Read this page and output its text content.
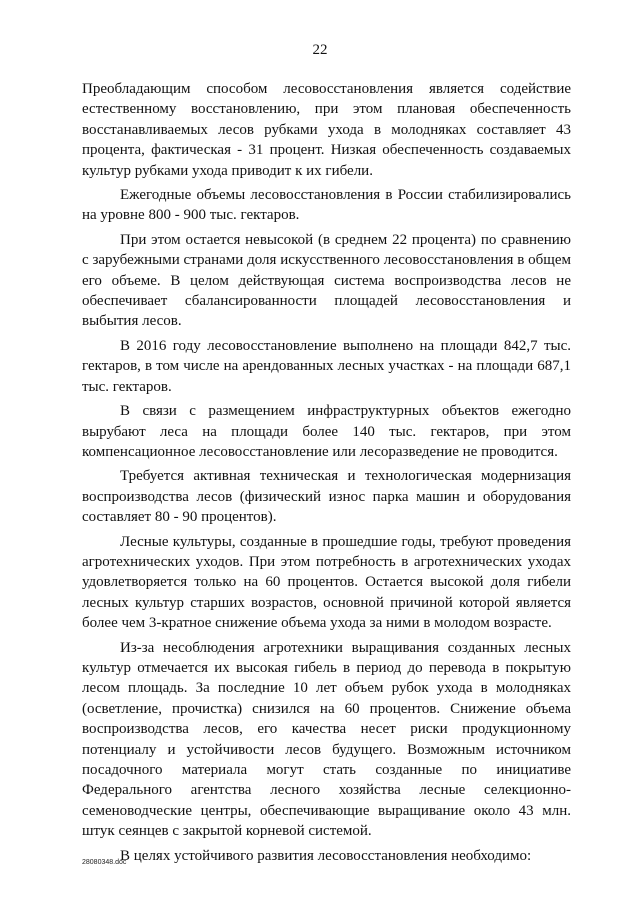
22

Преобладающим способом лесовосстановления является содействие естественному восстановлению, при этом плановая обеспеченность восстанавливаемых лесов рубками ухода в молодняках составляет 43 процента, фактическая - 31 процент. Низкая обеспеченность создаваемых культур рубками ухода приводит к их гибели.

Ежегодные объемы лесовосстановления в России стабилизировались на уровне 800 - 900 тыс. гектаров.

При этом остается невысокой (в среднем 22 процента) по сравнению с зарубежными странами доля искусственного лесовосстановления в общем его объеме. В целом действующая система воспроизводства лесов не обеспечивает сбалансированности площадей лесовосстановления и выбытия лесов.

В 2016 году лесовосстановление выполнено на площади 842,7 тыс. гектаров, в том числе на арендованных лесных участках - на площади 687,1 тыс. гектаров.

В связи с размещением инфраструктурных объектов ежегодно вырубают леса на площади более 140 тыс. гектаров, при этом компенсационное лесовосстановление или лесоразведение не проводится.

Требуется активная техническая и технологическая модернизация воспроизводства лесов (физический износ парка машин и оборудования составляет 80 - 90 процентов).

Лесные культуры, созданные в прошедшие годы, требуют проведения агротехнических уходов. При этом потребность в агротехнических уходах удовлетворяется только на 60 процентов. Остается высокой доля гибели лесных культур старших возрастов, основной причиной которой является более чем 3-кратное снижение объема ухода за ними в молодом возрасте.

Из-за несоблюдения агротехники выращивания созданных лесных культур отмечается их высокая гибель в период до перевода в покрытую лесом площадь. За последние 10 лет объем рубок ухода в молодняках (осветление, прочистка) снизился на 60 процентов. Снижение объема воспроизводства лесов, его качества несет риски продукционному потенциалу и устойчивости лесов будущего. Возможным источником посадочного материала могут стать созданные по инициативе Федерального агентства лесного хозяйства лесные селекционно-семеноводческие центры, обеспечивающие выращивание около 43 млн. штук сеянцев с закрытой корневой системой.

В целях устойчивого развития лесовосстановления необходимо:

28080348.doc
